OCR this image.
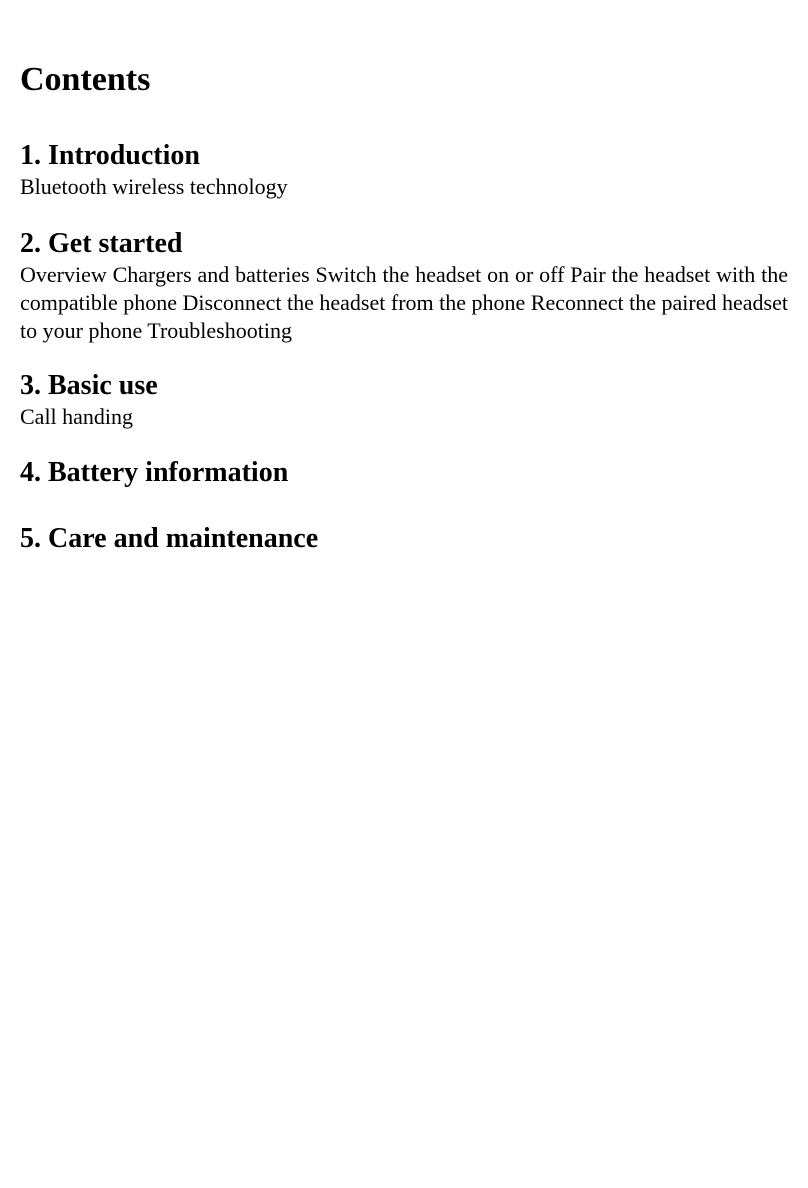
Contents
1. Introduction

Bluetooth wireless technology

2. Get started

Overview Chargers and batteries Switch the headset on or off Pair the headset with the compatible phone Disconnect the headset from the phone Reconnect the paired headset to your phone Troubleshooting

3. Basic use

Call handing

4. Battery information
5. Care and maintenance
